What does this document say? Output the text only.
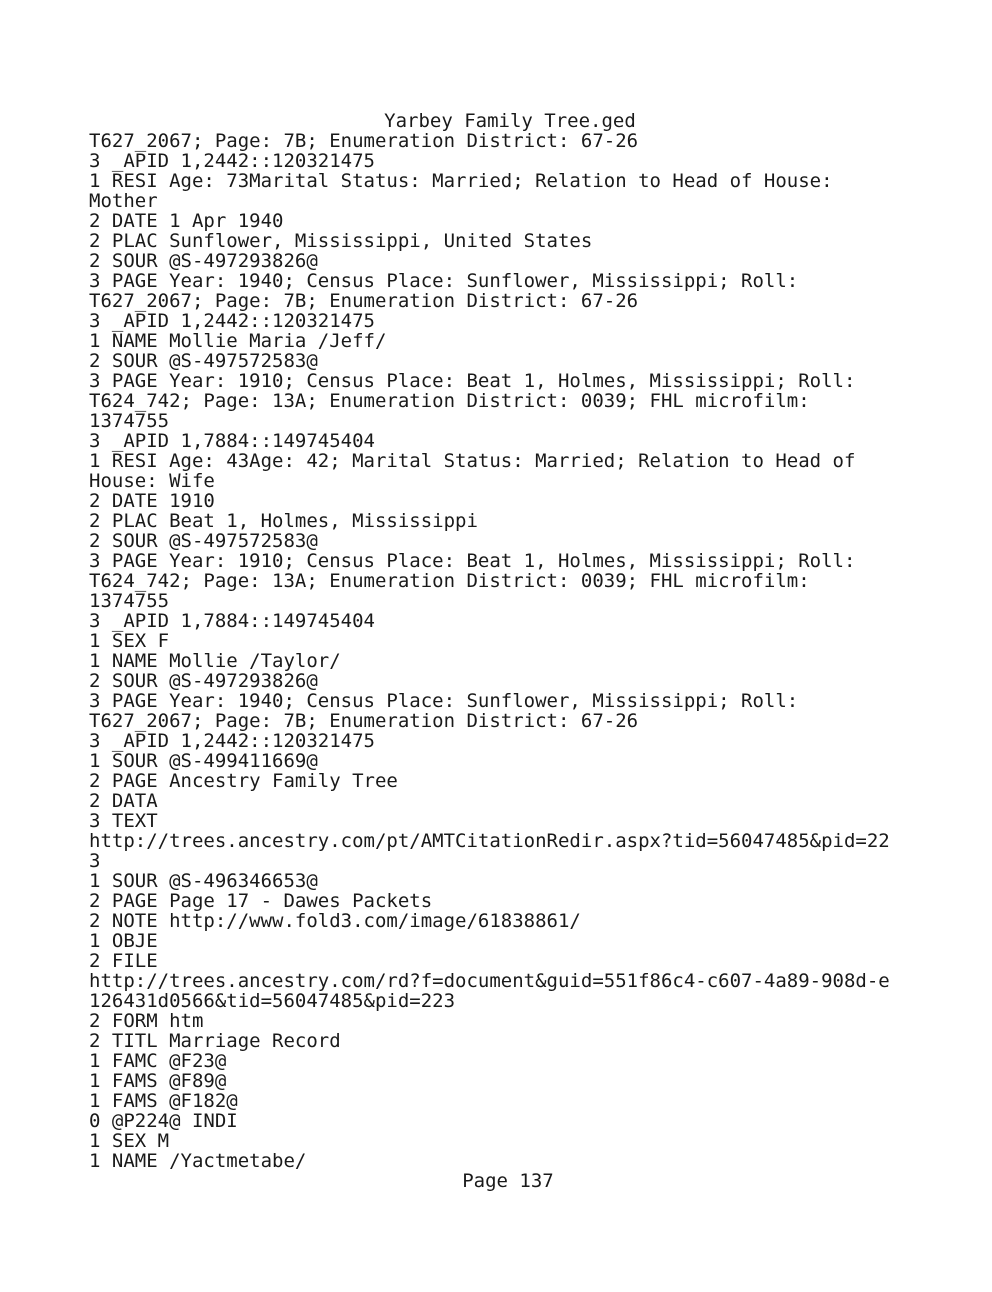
Yarbey Family Tree.ged
T627_2067; Page: 7B; Enumeration District: 67-26
3 _APID 1,2442::120321475
1 RESI Age: 73Marital Status: Married; Relation to Head of House:
Mother
2 DATE 1 Apr 1940
2 PLAC Sunflower, Mississippi, United States
2 SOUR @S-497293826@
3 PAGE Year: 1940; Census Place: Sunflower, Mississippi; Roll:
T627_2067; Page: 7B; Enumeration District: 67-26
3 _APID 1,2442::120321475
1 NAME Mollie Maria /Jeff/
2 SOUR @S-497572583@
3 PAGE Year: 1910; Census Place: Beat 1, Holmes, Mississippi; Roll:
T624_742; Page: 13A; Enumeration District: 0039; FHL microfilm:
1374755
3 _APID 1,7884::149745404
1 RESI Age: 43Age: 42; Marital Status: Married; Relation to Head of
House: Wife
2 DATE 1910
2 PLAC Beat 1, Holmes, Mississippi
2 SOUR @S-497572583@
3 PAGE Year: 1910; Census Place: Beat 1, Holmes, Mississippi; Roll:
T624_742; Page: 13A; Enumeration District: 0039; FHL microfilm:
1374755
3 _APID 1,7884::149745404
1 SEX F
1 NAME Mollie /Taylor/
2 SOUR @S-497293826@
3 PAGE Year: 1940; Census Place: Sunflower, Mississippi; Roll:
T627_2067; Page: 7B; Enumeration District: 67-26
3 _APID 1,2442::120321475
1 SOUR @S-499411669@
2 PAGE Ancestry Family Tree
2 DATA
3 TEXT
http://trees.ancestry.com/pt/AMTCitationRedir.aspx?tid=56047485&pid=22
3
1 SOUR @S-496346653@
2 PAGE Page 17 - Dawes Packets
2 NOTE http://www.fold3.com/image/61838861/
1 OBJE
2 FILE
http://trees.ancestry.com/rd?f=document&guid=551f86c4-c607-4a89-908d-e
126431d0566&tid=56047485&pid=223
2 FORM htm
2 TITL Marriage Record
1 FAMC @F23@
1 FAMS @F89@
1 FAMS @F182@
0 @P224@ INDI
1 SEX M
1 NAME /Yactmetabe/
Page 137
